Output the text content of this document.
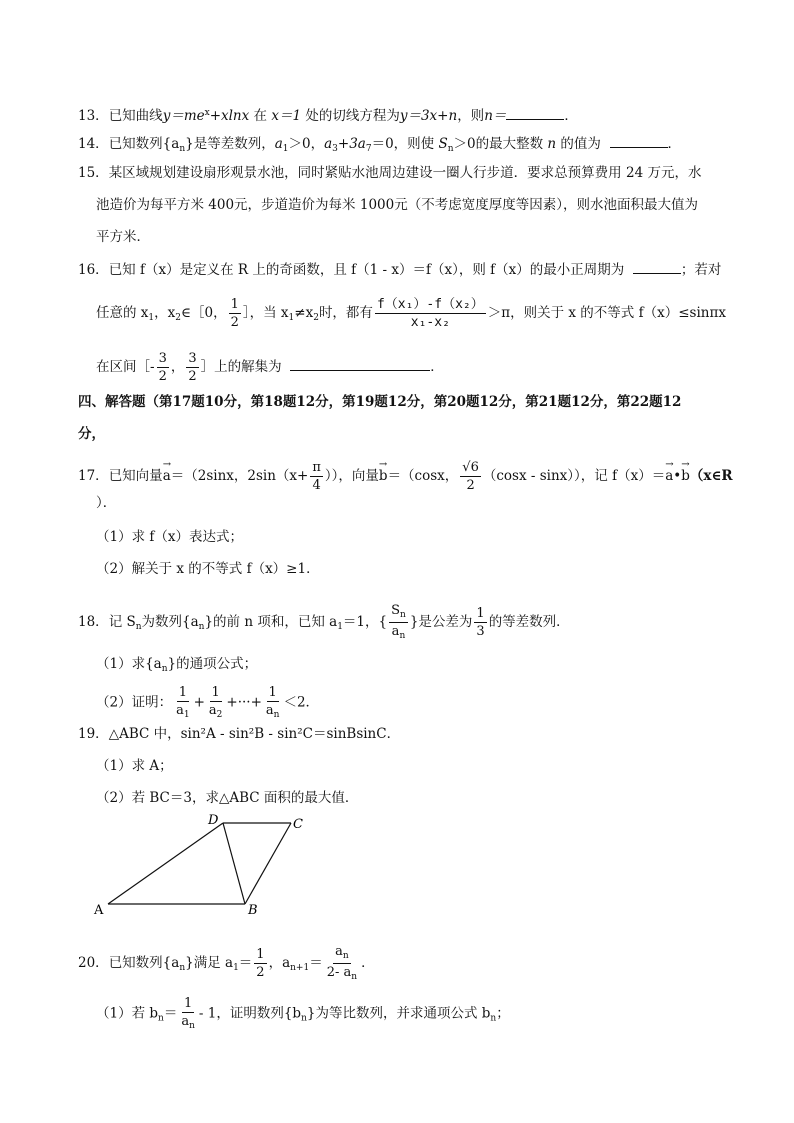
13．已知曲线$y=me^x+xlnx$ 在 x＝1 处的切线方程为y＝3x+n，则n＝	．
14．已知数列$\{a_n\}$是等差数列，$a_1>0$，$a_3+3a_7=0$，则使 $S_n>0$的最大整数 n 的值为	．
15．某区域规划建设扇形观景水池，同时紧贴水池周边建设一圈人行步道．要求总预算费用 24 万元，水
池造价为每平方米 400元，步道造价为每米 1000元（不考虑宽度厚度等因素），则水池面积最大值为
平方米．
16．已知 f（x）是定义在 R 上的奇函数，且 f（1 - x）＝f（x），则 f（x）的最小正周期为	；若对
任意的 $x_1$，$x_2\in[0$， $\frac{1}{2}$ ］，当 $x_1\ne x_2$时，都有 $\frac{\text{f（x₁）-f（x₂）}}{\text{x₁-x₂}} >\pi$，则关于 x 的不等式 f（x）≤sinπx
在区间［- $\frac{3}{2}$ ， $\frac{3}{2}$ ］上的解集为	．
四、解答题（第17题10分，第18题12分，第19题12分，第20题12分，第21题12分，第22题12
分，
17．已知向量→ a＝（2sinx，$2\sin(x+ \frac{\pi}{4}$ ）），向量→ b＝（cosx， $\frac{√6}{2} (\cos x - \sin x)$），记 f（x）＝→ a•→ b（x∈R
）．
（1）求 f（x）表达式；
（2）解关于 x 的不等式 f（x）≥1．
18．记 $S_n$为数列$\{a_n\}$的前 n 项和，已知 $a_1=1$，{ $\frac{S_n}{a_n}$ }是公差为 $\frac{1}{3}$ 的等差数列．
（1）求$\{a_n\}$的通项公式；
（2）证明： $\frac{1}{a_1} + \frac{1}{a_2}$ +···+ $\frac{1}{a_n} <2$．
19．△ABC 中，sin²A - sin²B - sin²C＝sinBsinC．
（1）求 A；
（2）若 BC＝3，求△ABC 面积的最大值．
A	B
C
D
20．已知数列$\{a_n\}$满足 $a_1= \frac{1}{2}$ ，$a_{n+1}= \frac{a_n}{2- a_n}$ ．
（1）若 $b_n= \frac{1}{a_n} - 1$，证明数列$\{b_n\}$为等比数列，并求通项公式 $b_n$；
